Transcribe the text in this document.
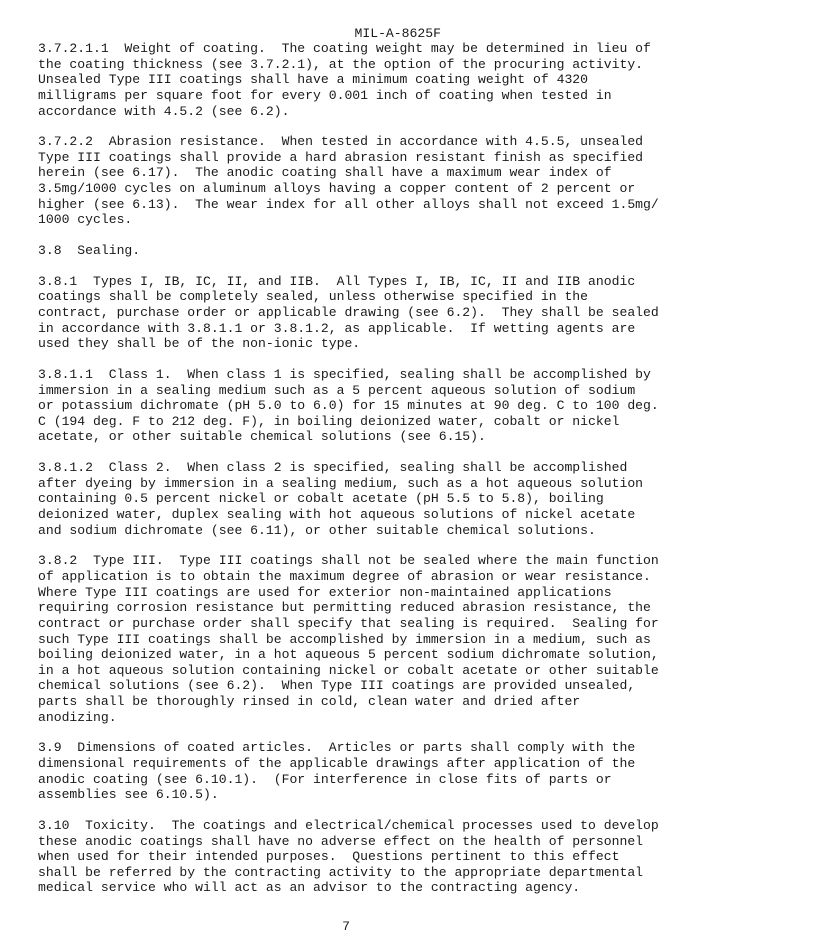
MIL-A-8625F

3.7.2.1.1  Weight of coating.  The coating weight may be determined in lieu of
the coating thickness (see 3.7.2.1), at the option of the procuring activity.
Unsealed Type III coatings shall have a minimum coating weight of 4320
milligrams per square foot for every 0.001 inch of coating when tested in
accordance with 4.5.2 (see 6.2).
3.7.2.2  Abrasion resistance.  When tested in accordance with 4.5.5, unsealed
Type III coatings shall provide a hard abrasion resistant finish as specified
herein (see 6.17).  The anodic coating shall have a maximum wear index of
3.5mg/1000 cycles on aluminum alloys having a copper content of 2 percent or
higher (see 6.13).  The wear index for all other alloys shall not exceed 1.5mg/
1000 cycles.
3.8  Sealing.
3.8.1  Types I, IB, IC, II, and IIB.  All Types I, IB, IC, II and IIB anodic
coatings shall be completely sealed, unless otherwise specified in the
contract, purchase order or applicable drawing (see 6.2).  They shall be sealed
in accordance with 3.8.1.1 or 3.8.1.2, as applicable.  If wetting agents are
used they shall be of the non-ionic type.
3.8.1.1  Class 1.  When class 1 is specified, sealing shall be accomplished by
immersion in a sealing medium such as a 5 percent aqueous solution of sodium
or potassium dichromate (pH 5.0 to 6.0) for 15 minutes at 90 deg. C to 100 deg.
C (194 deg. F to 212 deg. F), in boiling deionized water, cobalt or nickel
acetate, or other suitable chemical solutions (see 6.15).
3.8.1.2  Class 2.  When class 2 is specified, sealing shall be accomplished
after dyeing by immersion in a sealing medium, such as a hot aqueous solution
containing 0.5 percent nickel or cobalt acetate (pH 5.5 to 5.8), boiling
deionized water, duplex sealing with hot aqueous solutions of nickel acetate
and sodium dichromate (see 6.11), or other suitable chemical solutions.
3.8.2  Type III.  Type III coatings shall not be sealed where the main function
of application is to obtain the maximum degree of abrasion or wear resistance.
Where Type III coatings are used for exterior non-maintained applications
requiring corrosion resistance but permitting reduced abrasion resistance, the
contract or purchase order shall specify that sealing is required.  Sealing for
such Type III coatings shall be accomplished by immersion in a medium, such as
boiling deionized water, in a hot aqueous 5 percent sodium dichromate solution,
in a hot aqueous solution containing nickel or cobalt acetate or other suitable
chemical solutions (see 6.2).  When Type III coatings are provided unsealed,
parts shall be thoroughly rinsed in cold, clean water and dried after
anodizing.
3.9  Dimensions of coated articles.  Articles or parts shall comply with the
dimensional requirements of the applicable drawings after application of the
anodic coating (see 6.10.1).  (For interference in close fits of parts or
assemblies see 6.10.5).
3.10  Toxicity.  The coatings and electrical/chemical processes used to develop
these anodic coatings shall have no adverse effect on the health of personnel
when used for their intended purposes.  Questions pertinent to this effect
shall be referred by the contracting activity to the appropriate departmental
medical service who will act as an advisor to the contracting agency.
7
